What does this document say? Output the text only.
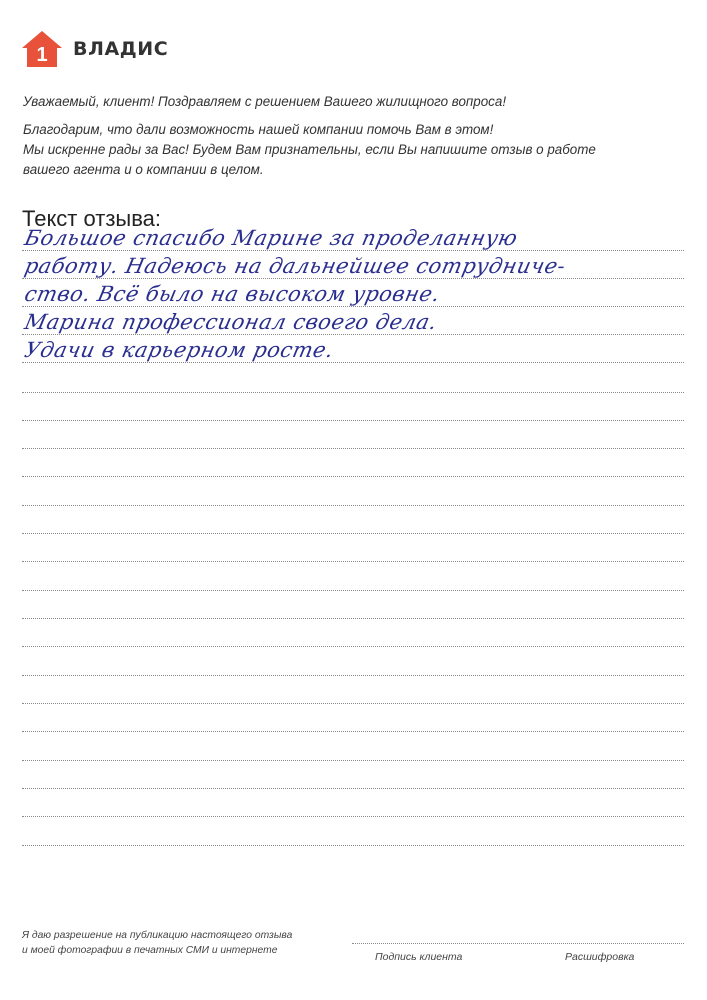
1 ВЛАДИС

Уважаемый, клиент! Поздравляем с решением Вашего жилищного вопроса!

Благодарим, что дали возможность нашей компании помочь Вам в этом!
Мы искренне рады за Вас! Будем Вам признательны, если Вы напишите отзыв о работе
вашего агента и о компании в целом.
Текст отзыва:
Большое спасибо Марине за проделанную
работу. Надеюсь на дальнейшее сотрудниче-
ство. Всё было на высоком уровне.
Марина профессионал своего дела.
Удачи в карьерном росте.
Я даю разрешение на публикацию настоящего отзыва
и моей фотографии в печатных СМИ и интернете
Подпись клиента	Расшифровка
